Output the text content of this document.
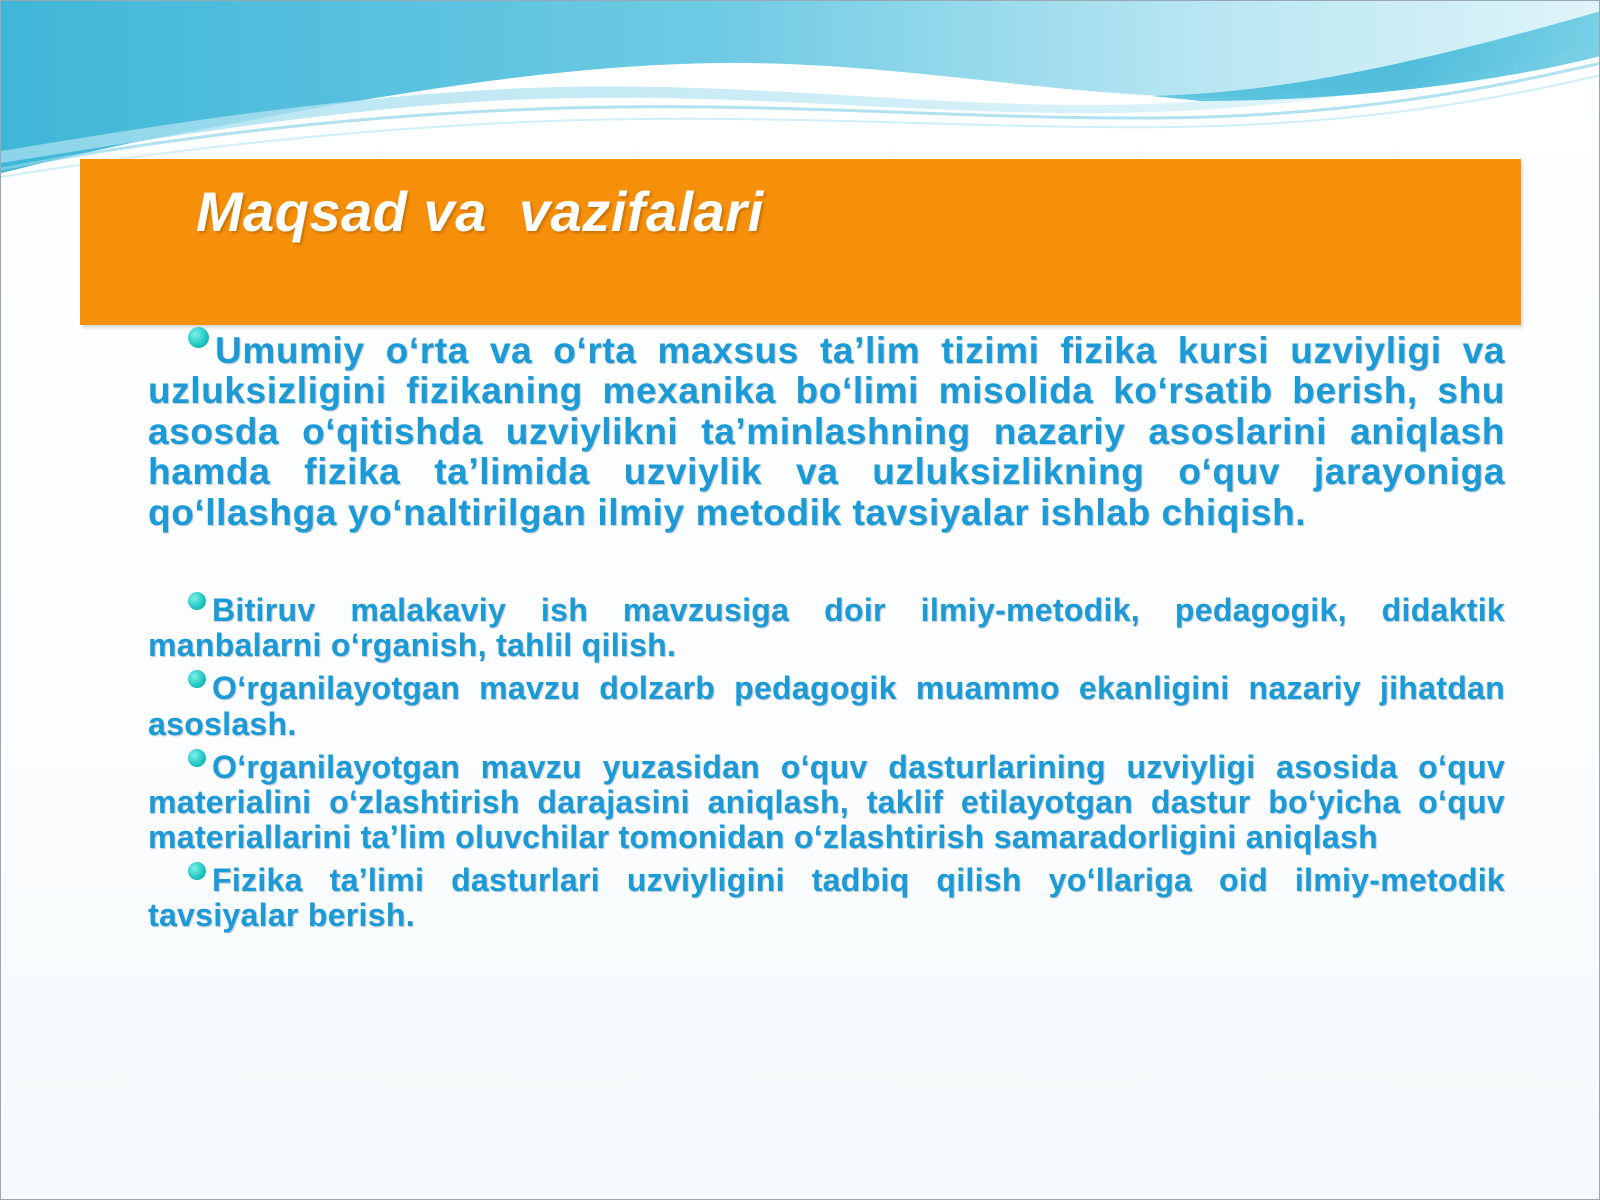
Maqsad va  vazifalari

Umumiy o‘rta va o‘rta maxsus ta’lim tizimi fizika kursi uzviyligi va uzluksizligini fizikaning mexanika bo‘limi misolida ko‘rsatib berish, shu asosda o‘qitishda uzviylikni ta’minlashning nazariy asoslarini aniqlash hamda fizika ta’limida uzviylik va uzluksizlikning o‘quv jarayoniga qo‘llashga yo‘naltirilgan ilmiy metodik tavsiyalar ishlab chiqish.

Bitiruv malakaviy ish mavzusiga doir ilmiy-metodik, pedagogik, didaktik manbalarni o‘rganish, tahlil qilish.

O‘rganilayotgan mavzu dolzarb pedagogik muammo ekanligini nazariy jihatdan asoslash.

O‘rganilayotgan mavzu yuzasidan o‘quv dasturlarining uzviyligi asosida o‘quv materialini o‘zlashtirish darajasini aniqlash, taklif etilayotgan dastur bo‘yicha o‘quv materiallarini ta’lim oluvchilar tomonidan o‘zlashtirish samaradorligini aniqlash

Fizika ta’limi dasturlari uzviyligini tadbiq qilish yo‘llariga oid ilmiy-metodik tavsiyalar berish.
